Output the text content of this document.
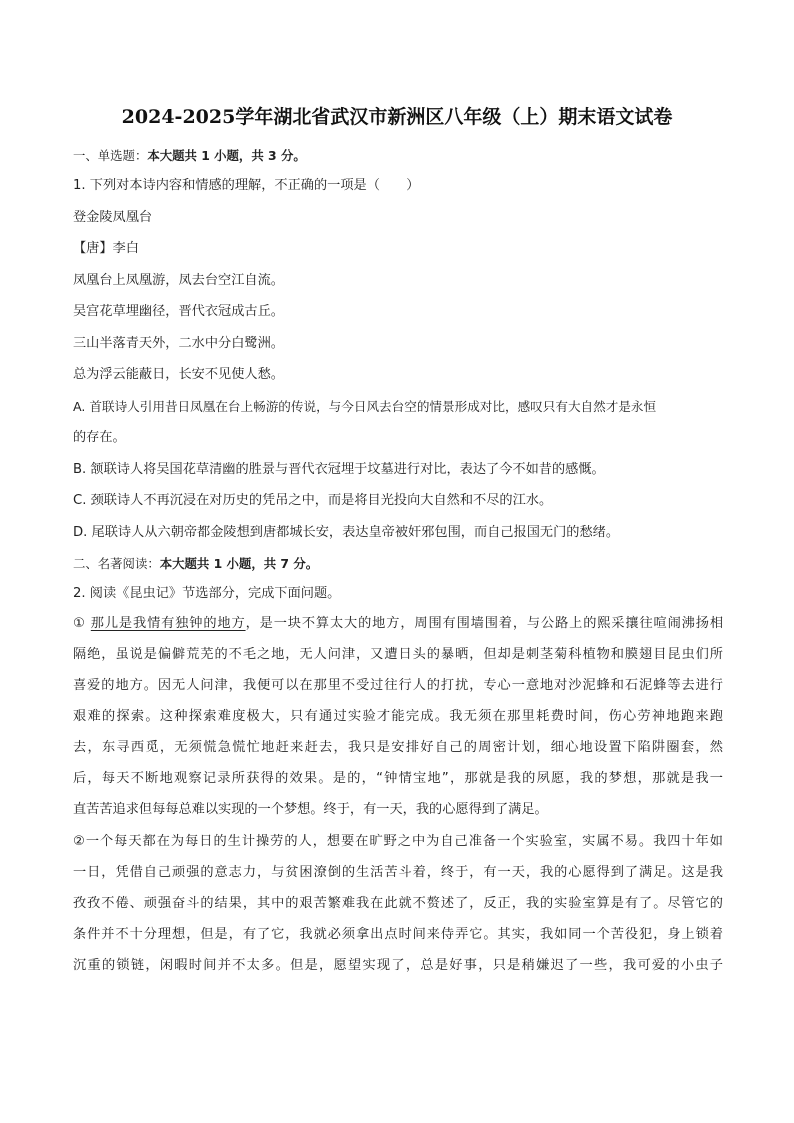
2024-2025学年湖北省武汉市新洲区八年级（上）期末语文试卷
一、单选题：本大题共 1 小题，共 3 分。
1. 下列对本诗内容和情感的理解，不正确的一项是（　　）
登金陵凤凰台
【唐】李白
凤凰台上凤凰游，凤去台空江自流。
吴宫花草埋幽径，晋代衣冠成古丘。
三山半落青天外，二水中分白鹭洲。
总为浮云能蔽日，长安不见使人愁。
A. 首联诗人引用昔日凤凰在台上畅游的传说，与今日风去台空的情景形成对比，感叹只有大自然才是永恒
的存在。
B. 颔联诗人将吴国花草清幽的胜景与晋代衣冠埋于坟墓进行对比，表达了今不如昔的感慨。
C. 颈联诗人不再沉浸在对历史的凭吊之中，而是将目光投向大自然和不尽的江水。
D. 尾联诗人从六朝帝都金陵想到唐都城长安，表达皇帝被奸邪包围，而自己报国无门的愁绪。
二、名著阅读：本大题共 1 小题，共 7 分。
2. 阅读《昆虫记》节选部分，完成下面问题。
① 那儿是我情有独钟的地方，是一块不算太大的地方，周围有围墙围着，与公路上的熙采攘往喧闹沸扬相
隔绝，虽说是偏僻荒芜的不毛之地，无人问津，又遭日头的暴晒，但却是刺茎菊科植物和膜翅目昆虫们所
喜爱的地方。因无人问津，我便可以在那里不受过往行人的打扰，专心一意地对沙泥蜂和石泥蜂等去进行
艰难的探索。这种探索难度极大，只有通过实验才能完成。我无须在那里耗费时间，伤心劳神地跑来跑
去，东寻西觅，无须慌急慌忙地赶来赶去，我只是安排好自己的周密计划，细心地设置下陷阱圈套，然
后，每天不断地观察记录所获得的效果。是的，“钟情宝地”，那就是我的夙愿，我的梦想，那就是我一
直苦苦追求但每每总难以实现的一个梦想。终于，有一天，我的心愿得到了满足。
②一个每天都在为每日的生计操劳的人，想要在旷野之中为自己准备一个实验室，实属不易。我四十年如
一日，凭借自己顽强的意志力，与贫困潦倒的生活苦斗着，终于，有一天，我的心愿得到了满足。这是我
孜孜不倦、顽强奋斗的结果，其中的艰苦繁难我在此就不赘述了，反正，我的实验室算是有了。尽管它的
条件并不十分理想，但是，有了它，我就必须拿出点时间来侍弄它。其实，我如同一个苦役犯，身上锁着
沉重的锁链，闲暇时间并不太多。但是，愿望实现了，总是好事，只是稍嫌迟了一些，我可爱的小虫子
